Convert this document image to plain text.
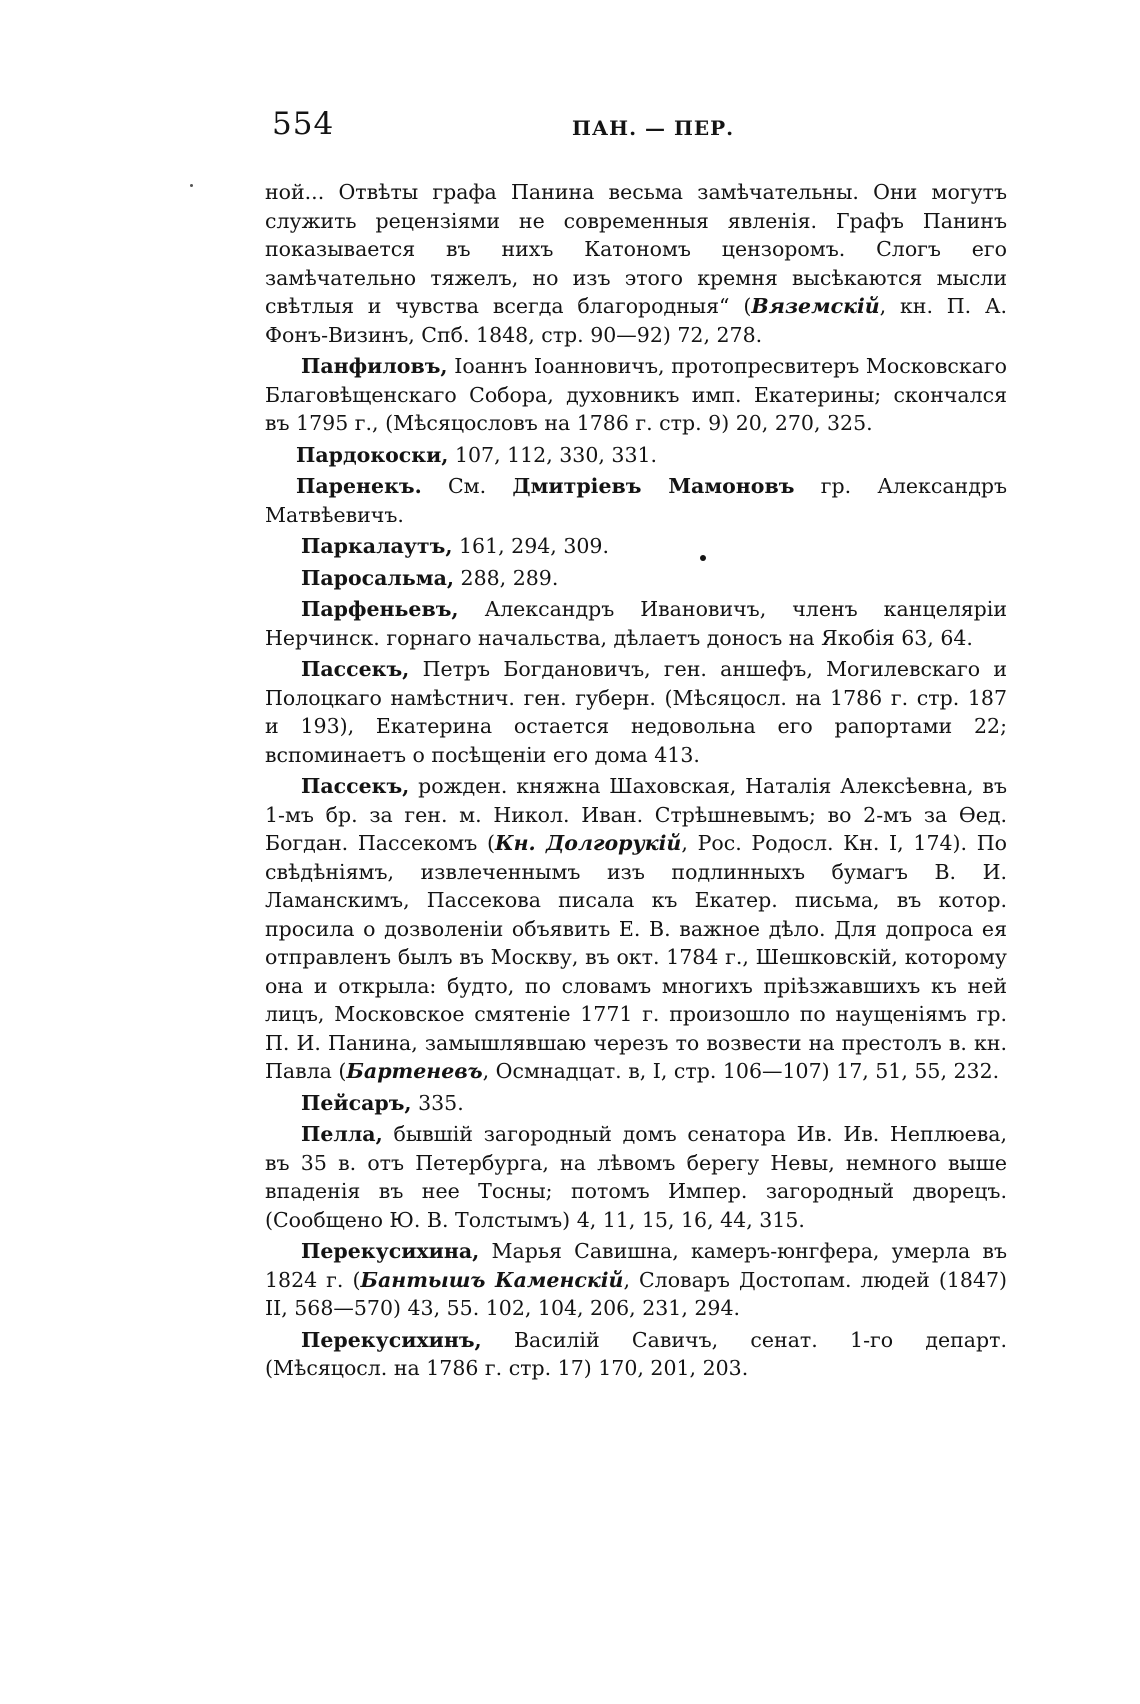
554	ПАН. — ПЕР.

ной... Отвѣты графа Панина весьма замѣчательны. Они могутъ служить рецензіями не современныя явленія. Графъ Панинъ показывается въ нихъ Катономъ цензоромъ. Слогъ его замѣчательно тяжелъ, но изъ этого кремня высѣкаются мысли свѣтлыя и чувства всегда благородныя“ (Вяземскій, кн. П. А. Фонъ-Визинъ, Спб. 1848, стр. 90—92) 72, 278.

Панфиловъ, Іоаннъ Іоанновичъ, протопресвитеръ Московскаго Благовѣщенскаго Собора, духовникъ имп. Екатерины; скончался въ 1795 г., (Мѣсяцословъ на 1786 г. стр. 9) 20, 270, 325.

Пардокоски, 107, 112, 330, 331.

Паренекъ. См. Дмитріевъ Мамоновъ гр. Александръ Матвѣевичъ.

Паркалаутъ, 161, 294, 309.

Паросальма, 288, 289.

Парфеньевъ, Александръ Ивановичъ, членъ канцеляріи Нерчинск. горнаго начальства, дѣлаетъ доносъ на Якобія 63, 64.

Пассекъ, Петръ Богдановичъ, ген. аншефъ, Могилевскаго и Полоцкаго намѣстнич. ген. губерн. (Мѣсяцосл. на 1786 г. стр. 187 и 193), Екатерина остается недовольна его рапортами 22; вспоминаетъ о посѣщеніи его дома 413.

Пассекъ, рожден. княжна Шаховская, Наталія Алексѣевна, въ 1-мъ бр. за ген. м. Никол. Иван. Стрѣшневымъ; во 2-мъ за Ѳед. Богдан. Пассекомъ (Кн. Долгорукій, Рос. Родосл. Кн. I, 174). По свѣдѣніямъ, извлеченнымъ изъ подлинныхъ бумагъ В. И. Ламанскимъ, Пассекова писала къ Екатер. письма, въ котор. просила о дозволеніи объявить Е. В. важное дѣло. Для допроса ея отправленъ былъ въ Москву, въ окт. 1784 г., Шешковскій, которому она и открыла: будто, по словамъ многихъ пріѣзжавшихъ къ ней лицъ, Московское смятеніе 1771 г. произошло по наущеніямъ гр. П. И. Панина, замышлявшаю черезъ то возвести на престолъ в. кн. Павла (Бартеневъ, Осмнадцат. в, I, стр. 106—107) 17, 51, 55, 232.

Пейсаръ, 335.

Пелла, бывшій загородный домъ сенатора Ив. Ив. Неплюева, въ 35 в. отъ Петербурга, на лѣвомъ берегу Невы, немного выше впаденія въ нее Тосны; потомъ Импер. загородный дворецъ. (Сообщено Ю. В. Толстымъ) 4, 11, 15, 16, 44, 315.

Перекусихина, Марья Савишна, камеръ-юнгфера, умерла въ 1824 г. (Бантышъ Каменскій, Словаръ Достопам. людей (1847) II, 568—570) 43, 55. 102, 104, 206, 231, 294.

Перекусихинъ, Василій Савичъ, сенат. 1-го департ. (Мѣсяцосл. на 1786 г. стр. 17) 170, 201, 203.
